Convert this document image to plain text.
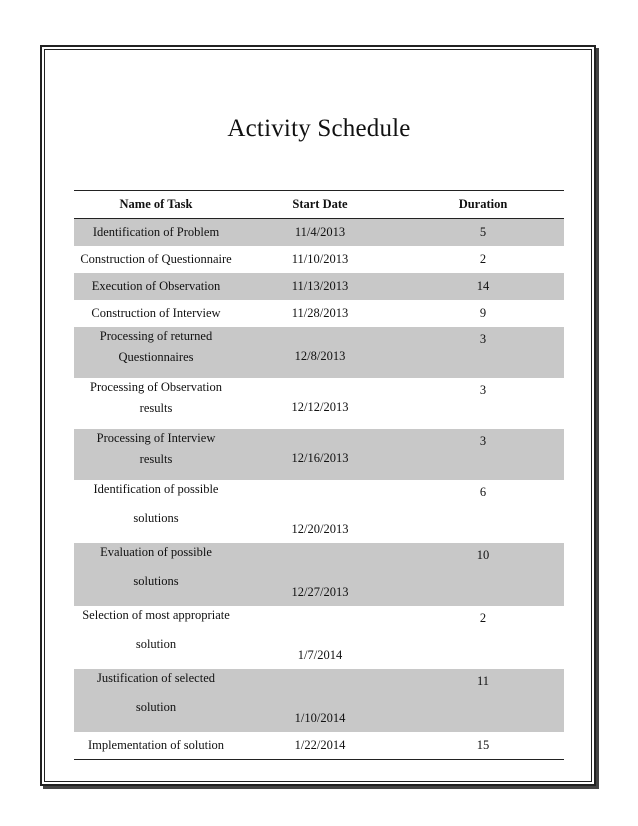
Activity Schedule
Name of Task	Start Date	Duration

Identification of Problem	11/4/2013	5

Construction of Questionnaire	11/10/2013	2

Execution of Observation	11/13/2013	14

Construction of Interview	11/28/2013	9

Processing of returned
Questionnaires	12/8/2013	3

Processing of Observation
results	12/12/2013	3

Processing of Interview
results	12/16/2013	3

Identification of possible
solutions	12/20/2013	6

Evaluation of possible
solutions	12/27/2013	10

Selection of most appropriate
solution	1/7/2014	2

Justification of selected
solution	1/10/2014	11

Implementation of solution	1/22/2014	15
